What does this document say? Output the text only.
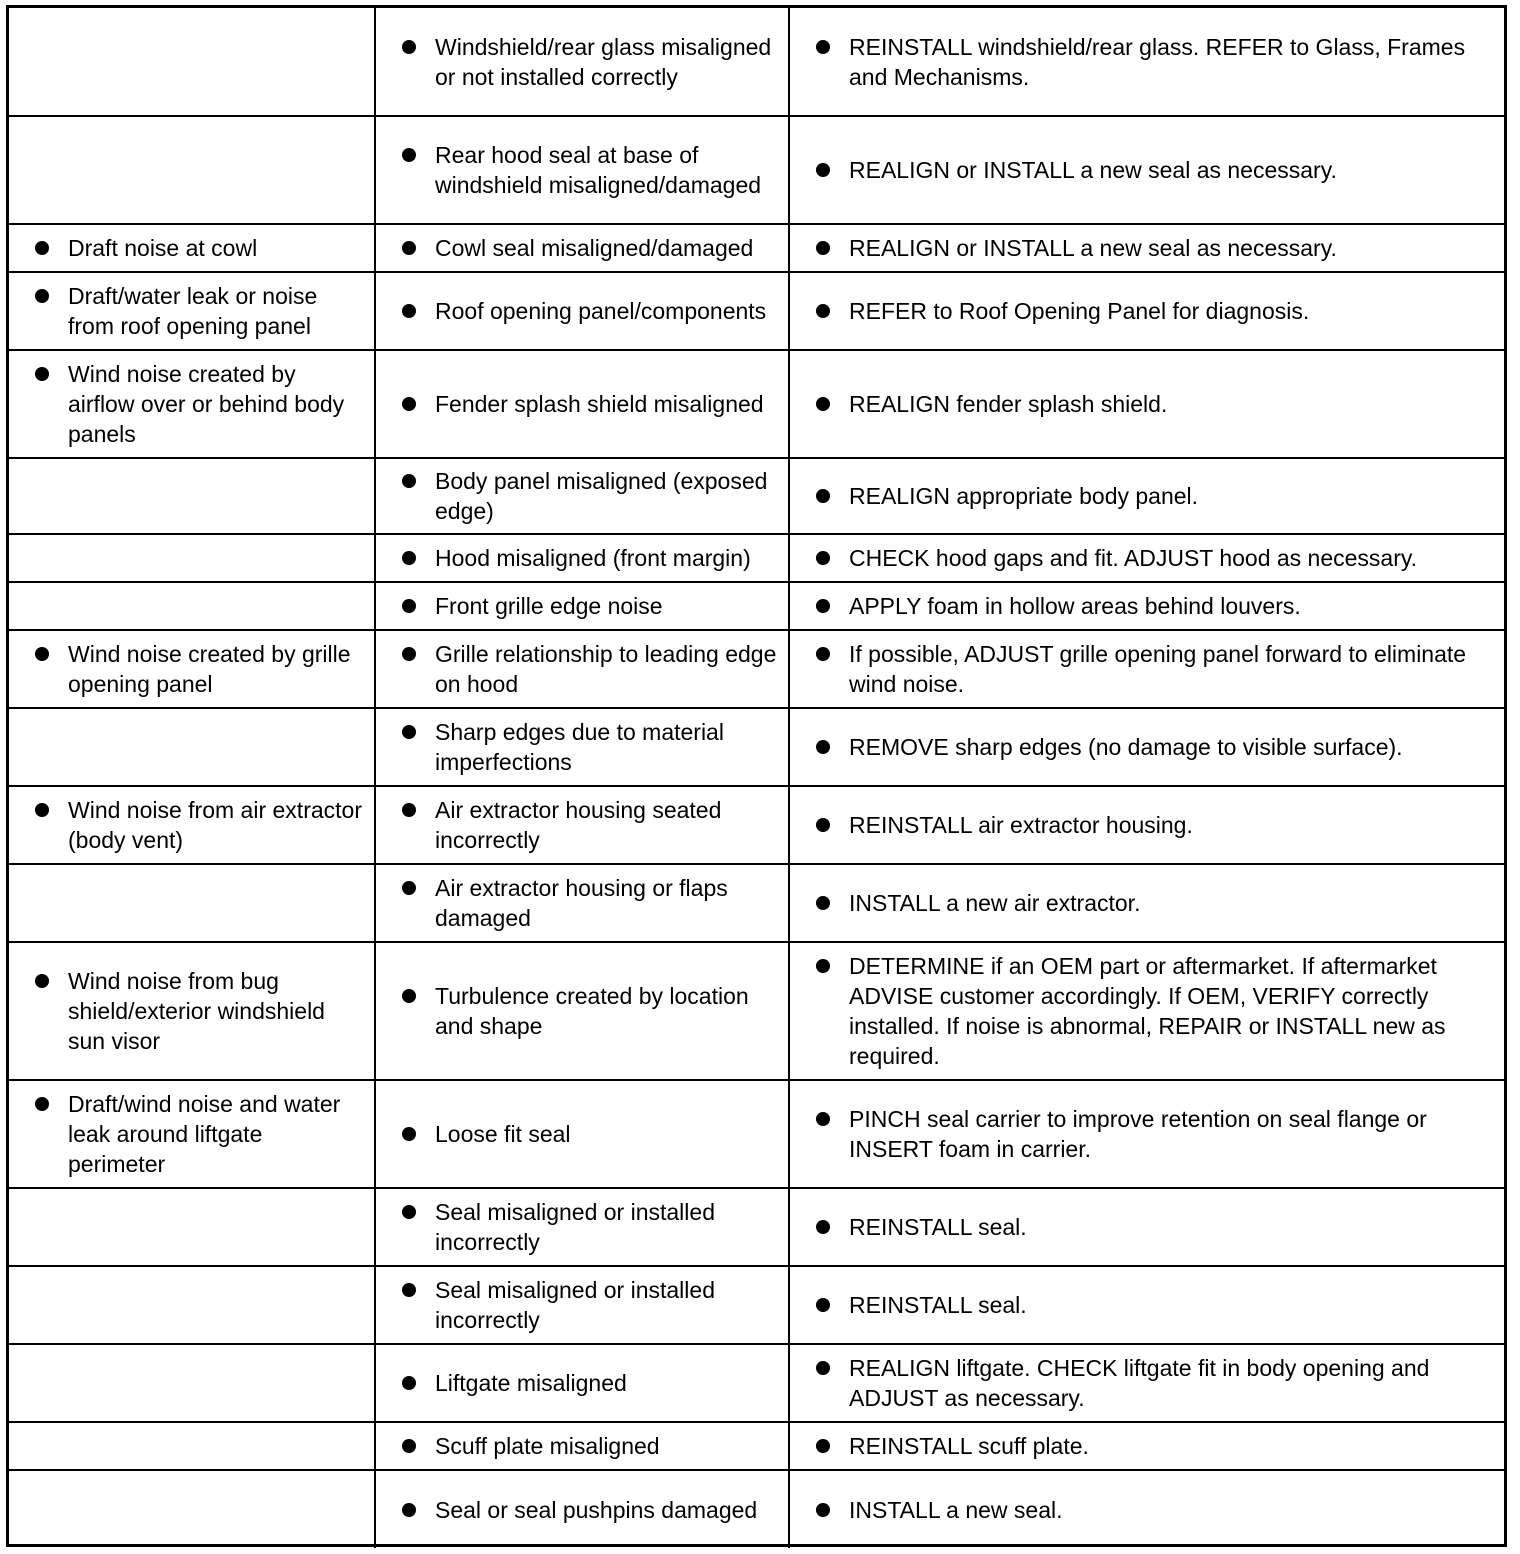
	Windshield/rear glass misaligned or not installed correctly	REINSTALL windshield/rear glass. REFER to Glass, Frames and Mechanisms.

	Rear hood seal at base of windshield misaligned/damaged	REALIGN or INSTALL a new seal as necessary.

Draft noise at cowl	Cowl seal misaligned/damaged	REALIGN or INSTALL a new seal as necessary.

Draft/water leak or noise from roof opening panel	Roof opening panel/components	REFER to Roof Opening Panel for diagnosis.

Wind noise created by airflow over or behind body panels	Fender splash shield misaligned	REALIGN fender splash shield.

	Body panel misaligned (exposed edge)	REALIGN appropriate body panel.

	Hood misaligned (front margin)	CHECK hood gaps and fit. ADJUST hood as necessary.

	Front grille edge noise	APPLY foam in hollow areas behind louvers.

Wind noise created by grille opening panel	Grille relationship to leading edge on hood	If possible, ADJUST grille opening panel forward to eliminate wind noise.

	Sharp edges due to material imperfections	REMOVE sharp edges (no damage to visible surface).

Wind noise from air extractor (body vent)	Air extractor housing seated incorrectly	REINSTALL air extractor housing.

	Air extractor housing or flaps damaged	INSTALL a new air extractor.

Wind noise from bug shield/exterior windshield sun visor	Turbulence created by location and shape	DETERMINE if an OEM part or aftermarket. If aftermarket ADVISE customer accordingly. If OEM, VERIFY correctly installed. If noise is abnormal, REPAIR or INSTALL new as required.

Draft/wind noise and water leak around liftgate perimeter	Loose fit seal	PINCH seal carrier to improve retention on seal flange or INSERT foam in carrier.

	Seal misaligned or installed incorrectly	REINSTALL seal.

	Seal misaligned or installed incorrectly	REINSTALL seal.

	Liftgate misaligned	REALIGN liftgate. CHECK liftgate fit in body opening and ADJUST as necessary.

	Scuff plate misaligned	REINSTALL scuff plate.

	Seal or seal pushpins damaged	INSTALL a new seal.
